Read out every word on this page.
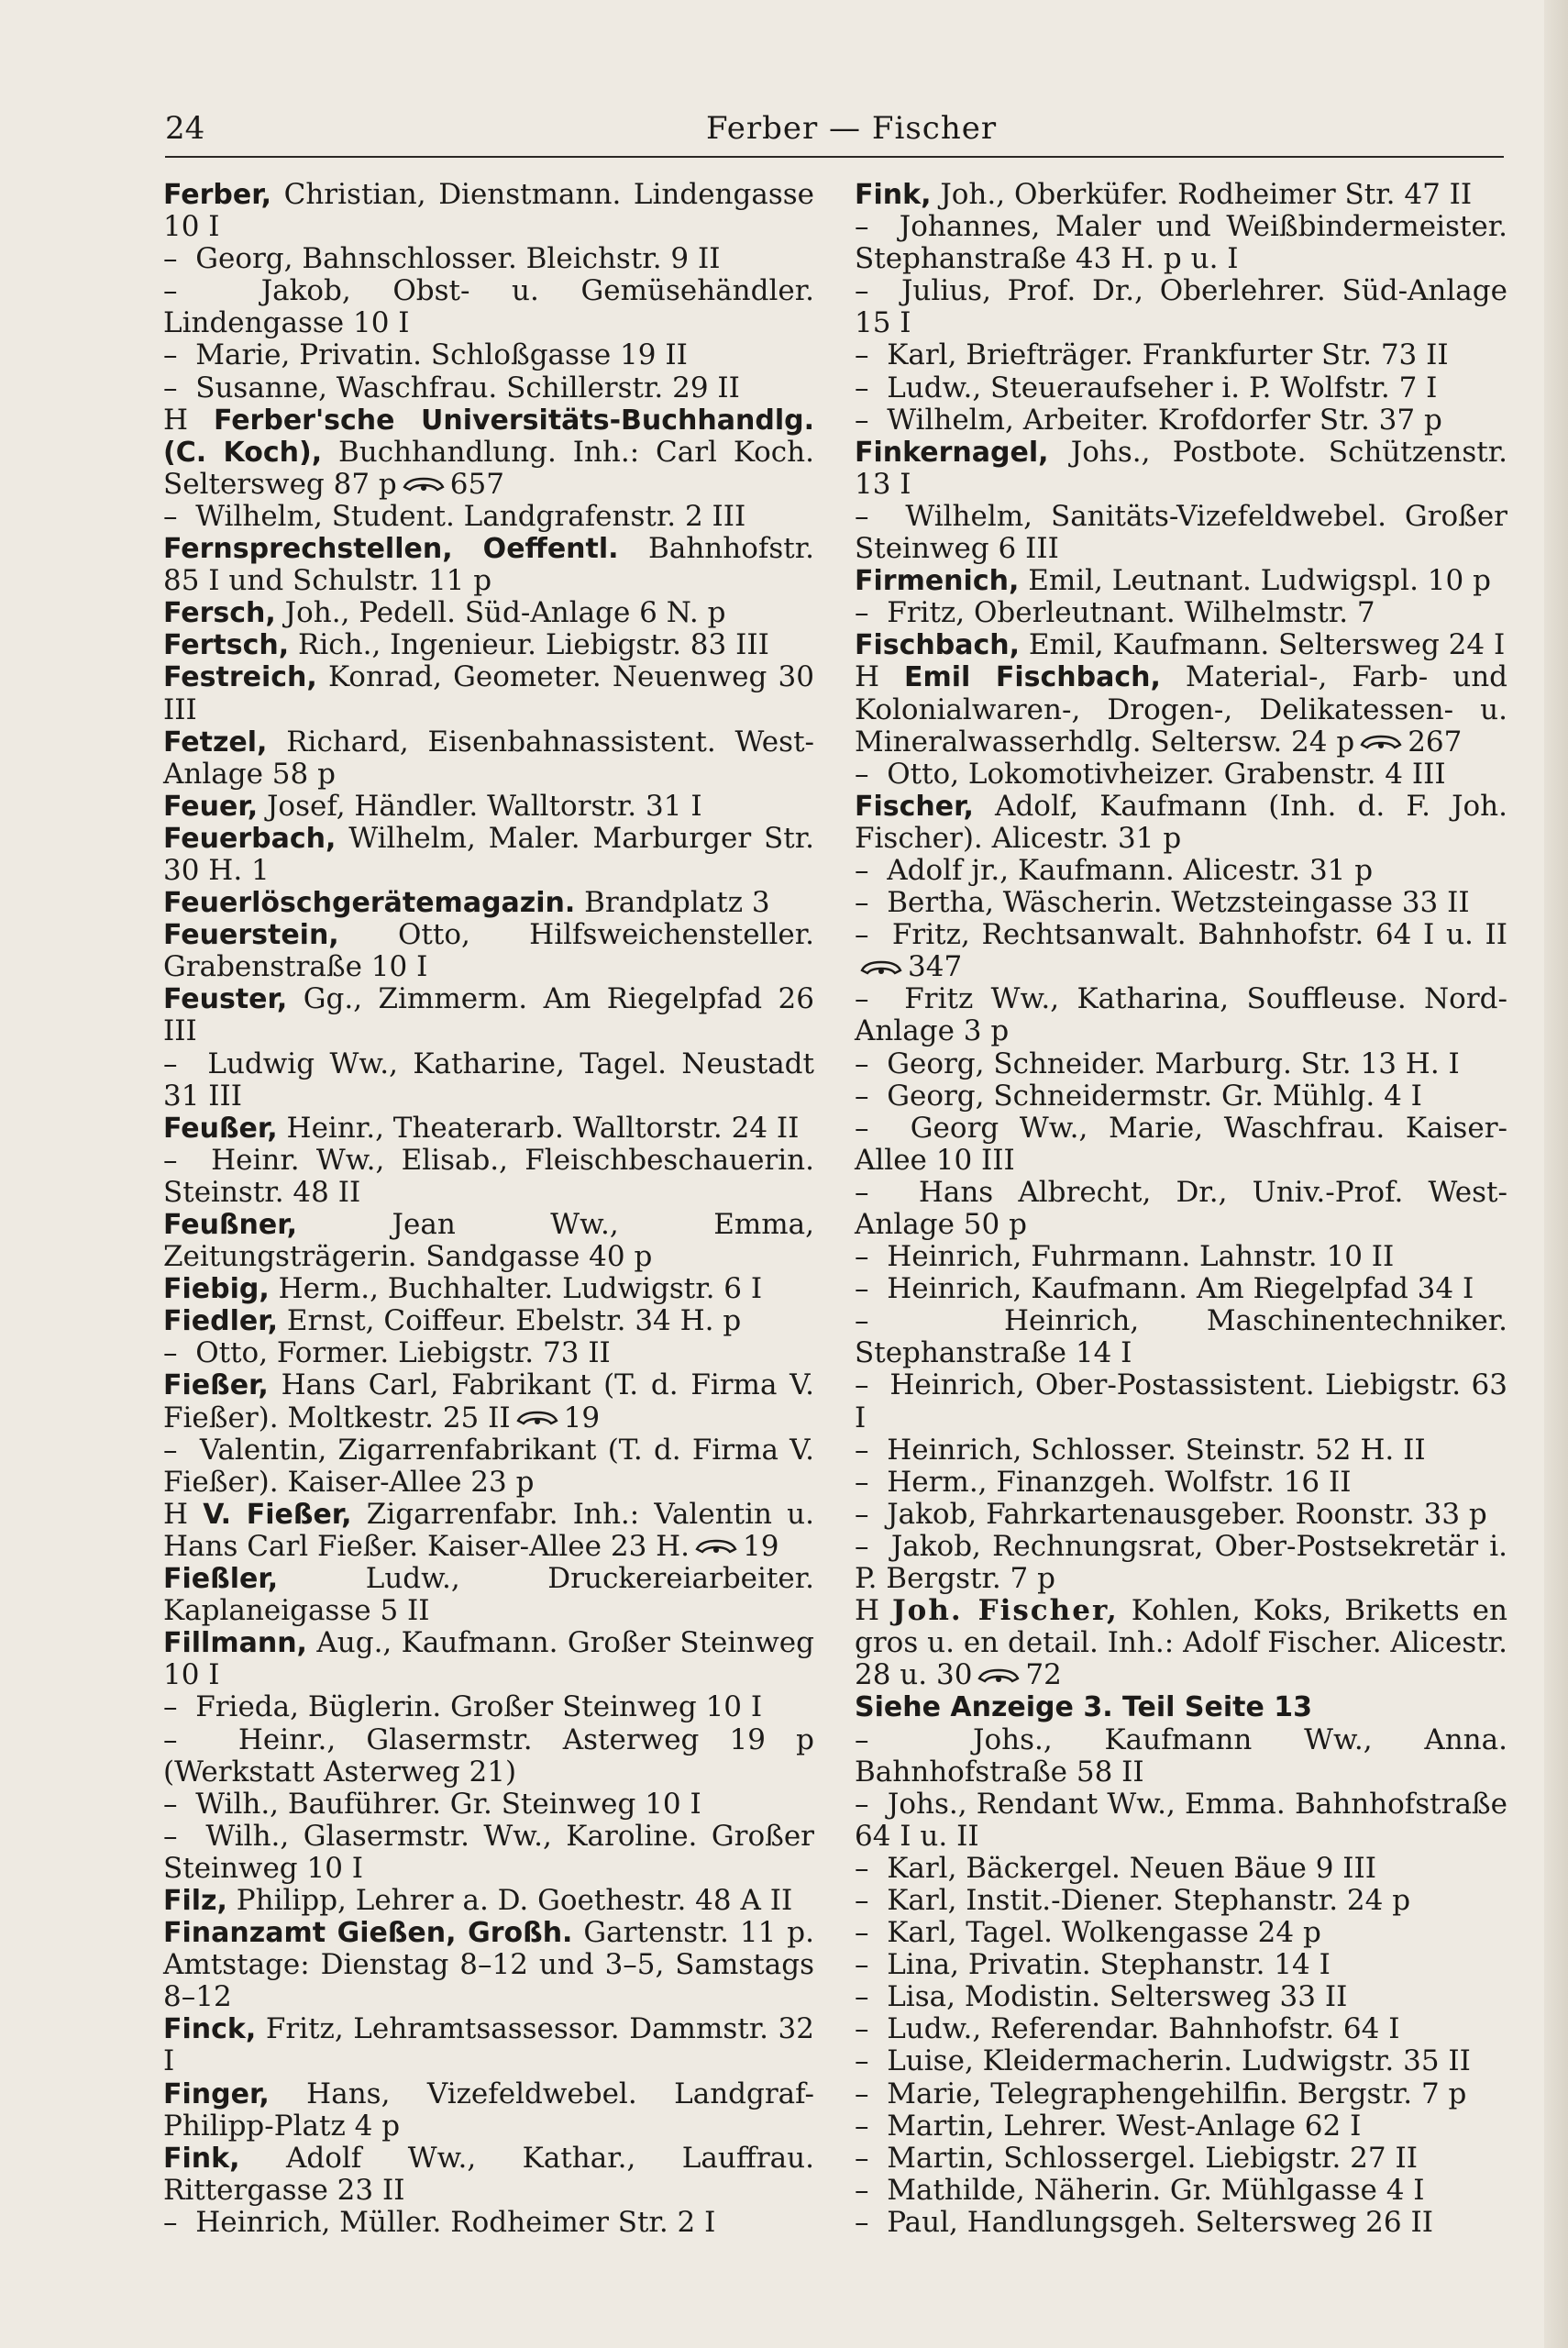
24	Ferber — Fischer
Ferber, Christian, Dienstmann. Lindengasse 10 I
– Georg, Bahnschlosser. Bleichstr. 9 II
–	Jakob, Obst- u. Gemüsehändler. Lindengasse 10 I
– Marie, Privatin. Schloßgasse 19 II
– Susanne, Waschfrau. Schillerstr. 29 II
H Ferber'sche Universitäts-Buchhandlg. (C. Koch), Buchhandlung. Inh.: Carl Koch. Seltersweg 87 p 657
– Wilhelm, Student. Landgrafenstr. 2 III
Fernsprechstellen, Oeffentl. Bahnhofstr. 85 I und Schulstr. 11 p
Fersch, Joh., Pedell. Süd-Anlage 6 N. p
Fertsch, Rich., Ingenieur. Liebigstr. 83 III
Festreich, Konrad, Geometer. Neuenweg 30 III
Fetzel, Richard, Eisenbahnassistent. West-Anlage 58 p
Feuer, Josef, Händler. Walltorstr. 31 I
Feuerbach, Wilhelm, Maler. Marburger Str. 30 H. 1
Feuerlöschgerätemagazin. Brandplatz 3
Feuerstein, Otto, Hilfsweichensteller. Grabenstraße 10 I
Feuster, Gg., Zimmerm. Am Riegelpfad 26 III
– Ludwig Ww., Katharine, Tagel. Neustadt 31 III
Feußer, Heinr., Theaterarb. Walltorstr. 24 II
– Heinr. Ww., Elisab., Fleischbeschauerin. Steinstr. 48 II
Feußner, Jean Ww., Emma, Zeitungsträgerin. Sandgasse 40 p
Fiebig, Herm., Buchhalter. Ludwigstr. 6 I
Fiedler, Ernst, Coiffeur. Ebelstr. 34 H. p
– Otto, Former. Liebigstr. 73 II
Fießer, Hans Carl, Fabrikant (T. d. Firma V. Fießer). Moltkestr. 25 II 19
– Valentin, Zigarrenfabrikant (T. d. Firma V. Fießer). Kaiser-Allee 23 p
H V. Fießer, Zigarrenfabr. Inh.: Valentin u. Hans Carl Fießer. Kaiser-Allee 23 H. 19
Fießler, Ludw., Druckereiarbeiter. Kaplaneigasse 5 II
Fillmann, Aug., Kaufmann. Großer Steinweg 10 I
– Frieda, Büglerin. Großer Steinweg 10 I
– Heinr., Glasermstr. Asterweg 19 p (Werkstatt Asterweg 21)
– Wilh., Bauführer. Gr. Steinweg 10 I
– Wilh., Glasermstr. Ww., Karoline. Großer Steinweg 10 I
Filz, Philipp, Lehrer a. D. Goethestr. 48 A II
Finanzamt Gießen, Großh. Gartenstr. 11 p. Amtstage: Dienstag 8–12 und 3–5, Samstags 8–12
Finck, Fritz, Lehramtsassessor. Dammstr. 32 I
Finger, Hans, Vizefeldwebel. Landgraf-Philipp-Platz 4 p
Fink, Adolf Ww., Kathar., Lauffrau. Rittergasse 23 II
– Heinrich, Müller. Rodheimer Str. 2 I
Fink, Joh., Oberküfer. Rodheimer Str. 47 II
– Johannes, Maler und Weißbindermeister. Stephanstraße 43 H. p u. I
– Julius, Prof. Dr., Oberlehrer. Süd-Anlage 15 I
– Karl, Briefträger. Frankfurter Str. 73 II
– Ludw., Steueraufseher i. P. Wolfstr. 7 I
– Wilhelm, Arbeiter. Krofdorfer Str. 37 p
Finkernagel, Johs., Postbote. Schützenstr. 13 I
– Wilhelm, Sanitäts-Vizefeldwebel. Großer Steinweg 6 III
Firmenich, Emil, Leutnant. Ludwigspl. 10 p
– Fritz, Oberleutnant. Wilhelmstr. 7
Fischbach, Emil, Kaufmann. Seltersweg 24 I
H Emil Fischbach, Material-, Farb- und Kolonialwaren-, Drogen-, Delikatessen- u. Mineralwasserhdlg. Seltersw. 24 p 267
– Otto, Lokomotivheizer. Grabenstr. 4 III
Fischer, Adolf, Kaufmann (Inh. d. F. Joh. Fischer). Alicestr. 31 p
– Adolf jr., Kaufmann. Alicestr. 31 p
– Bertha, Wäscherin. Wetzsteingasse 33 II
– Fritz, Rechtsanwalt. Bahnhofstr. 64 I u. II
347
– Fritz Ww., Katharina, Souffleuse. Nord-Anlage 3 p
– Georg, Schneider. Marburg. Str. 13 H. I
– Georg, Schneidermstr. Gr. Mühlg. 4 I
– Georg Ww., Marie, Waschfrau. Kaiser-Allee 10 III
– Hans Albrecht, Dr., Univ.-Prof. West-Anlage 50 p
– Heinrich, Fuhrmann. Lahnstr. 10 II
– Heinrich, Kaufmann. Am Riegelpfad 34 I
–	Heinrich, Maschinentechniker. Stephanstraße 14 I
– Heinrich, Ober-Postassistent. Liebigstr. 63 I
– Heinrich, Schlosser. Steinstr. 52 H. II
– Herm., Finanzgeh. Wolfstr. 16 II
– Jakob, Fahrkartenausgeber. Roonstr. 33 p
– Jakob, Rechnungsrat, Ober-Postsekretär i. P. Bergstr. 7 p
H Joh. Fischer, Kohlen, Koks, Briketts en gros u. en detail. Inh.: Adolf Fischer. Alicestr. 28 u. 30 72
Siehe Anzeige 3. Teil Seite 13
–	Johs., Kaufmann Ww., Anna. Bahnhofstraße 58 II
– Johs., Rendant Ww., Emma. Bahnhofstraße 64 I u. II
– Karl, Bäckergel. Neuen Bäue 9 III
– Karl, Instit.-Diener. Stephanstr. 24 p
– Karl, Tagel. Wolkengasse 24 p
– Lina, Privatin. Stephanstr. 14 I
– Lisa, Modistin. Seltersweg 33 II
– Ludw., Referendar. Bahnhofstr. 64 I
– Luise, Kleidermacherin. Ludwigstr. 35 II
– Marie, Telegraphengehilfin. Bergstr. 7 p
– Martin, Lehrer. West-Anlage 62 I
– Martin, Schlossergel. Liebigstr. 27 II
– Mathilde, Näherin. Gr. Mühlgasse 4 I
– Paul, Handlungsgeh. Seltersweg 26 II
